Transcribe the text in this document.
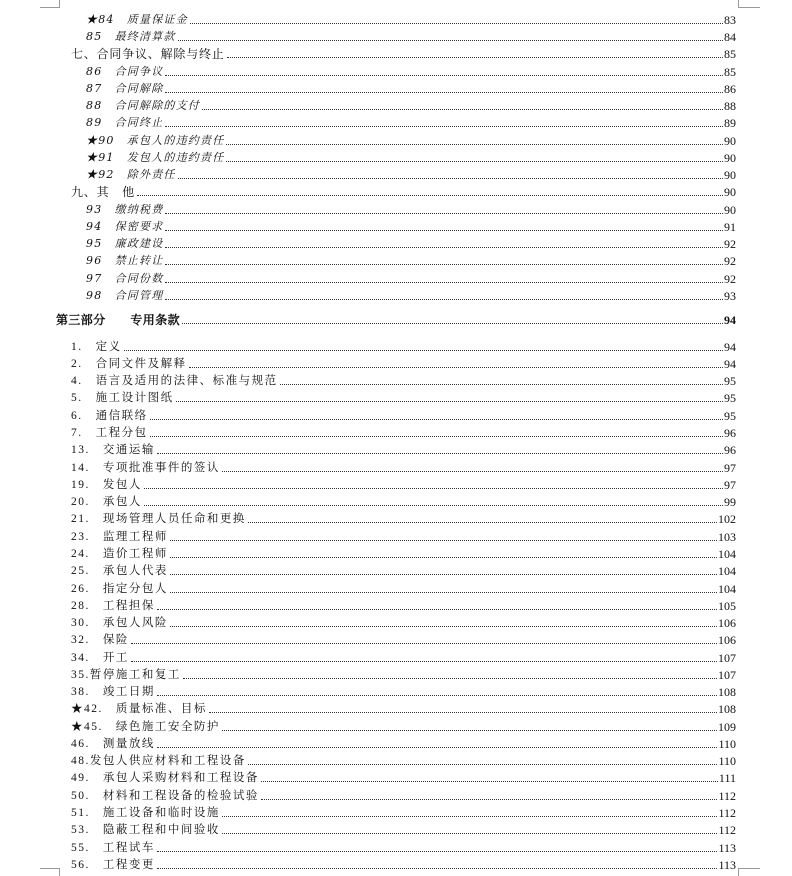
★84　质量保证金	83
85　最终清算款	84
七、合同争议、解除与终止	85
86　合同争议	85
87　合同解除	86
88　合同解除的支付	88
89　合同终止	89
★90　承包人的违约责任	90
★91　发包人的违约责任	90
★92　除外责任	90
九、其　他	90
93　缴纳税费	90
94　保密要求	91
95　廉政建设	92
96　禁止转让	92
97　合同份数	92
98　合同管理	93
第三部分　　专用条款	94
1.　定义	94
2.　合同文件及解释	94
4.　语言及适用的法律、标准与规范	95
5.　施工设计图纸	95
6.　通信联络	95
7.　工程分包	96
13.　交通运输	96
14.　专项批准事件的签认	97
19.　发包人	97
20.　承包人	99
21.　现场管理人员任命和更换	102
23.　监理工程师	103
24.　造价工程师	104
25.　承包人代表	104
26.　指定分包人	104
28.　工程担保	105
30.　承包人风险	106
32.　保险	106
34.　开工	107
35.暂停施工和复工	107
38.　竣工日期	108
★42.　质量标准、目标	108
★45.　绿色施工安全防护	109
46.　测量放线	110
48.发包人供应材料和工程设备	110
49.　承包人采购材料和工程设备	111
50.　材料和工程设备的检验试验	112
51.　施工设备和临时设施	112
53.　隐蔽工程和中间验收	112
55.　工程试车	113
56.　工程变更	113
